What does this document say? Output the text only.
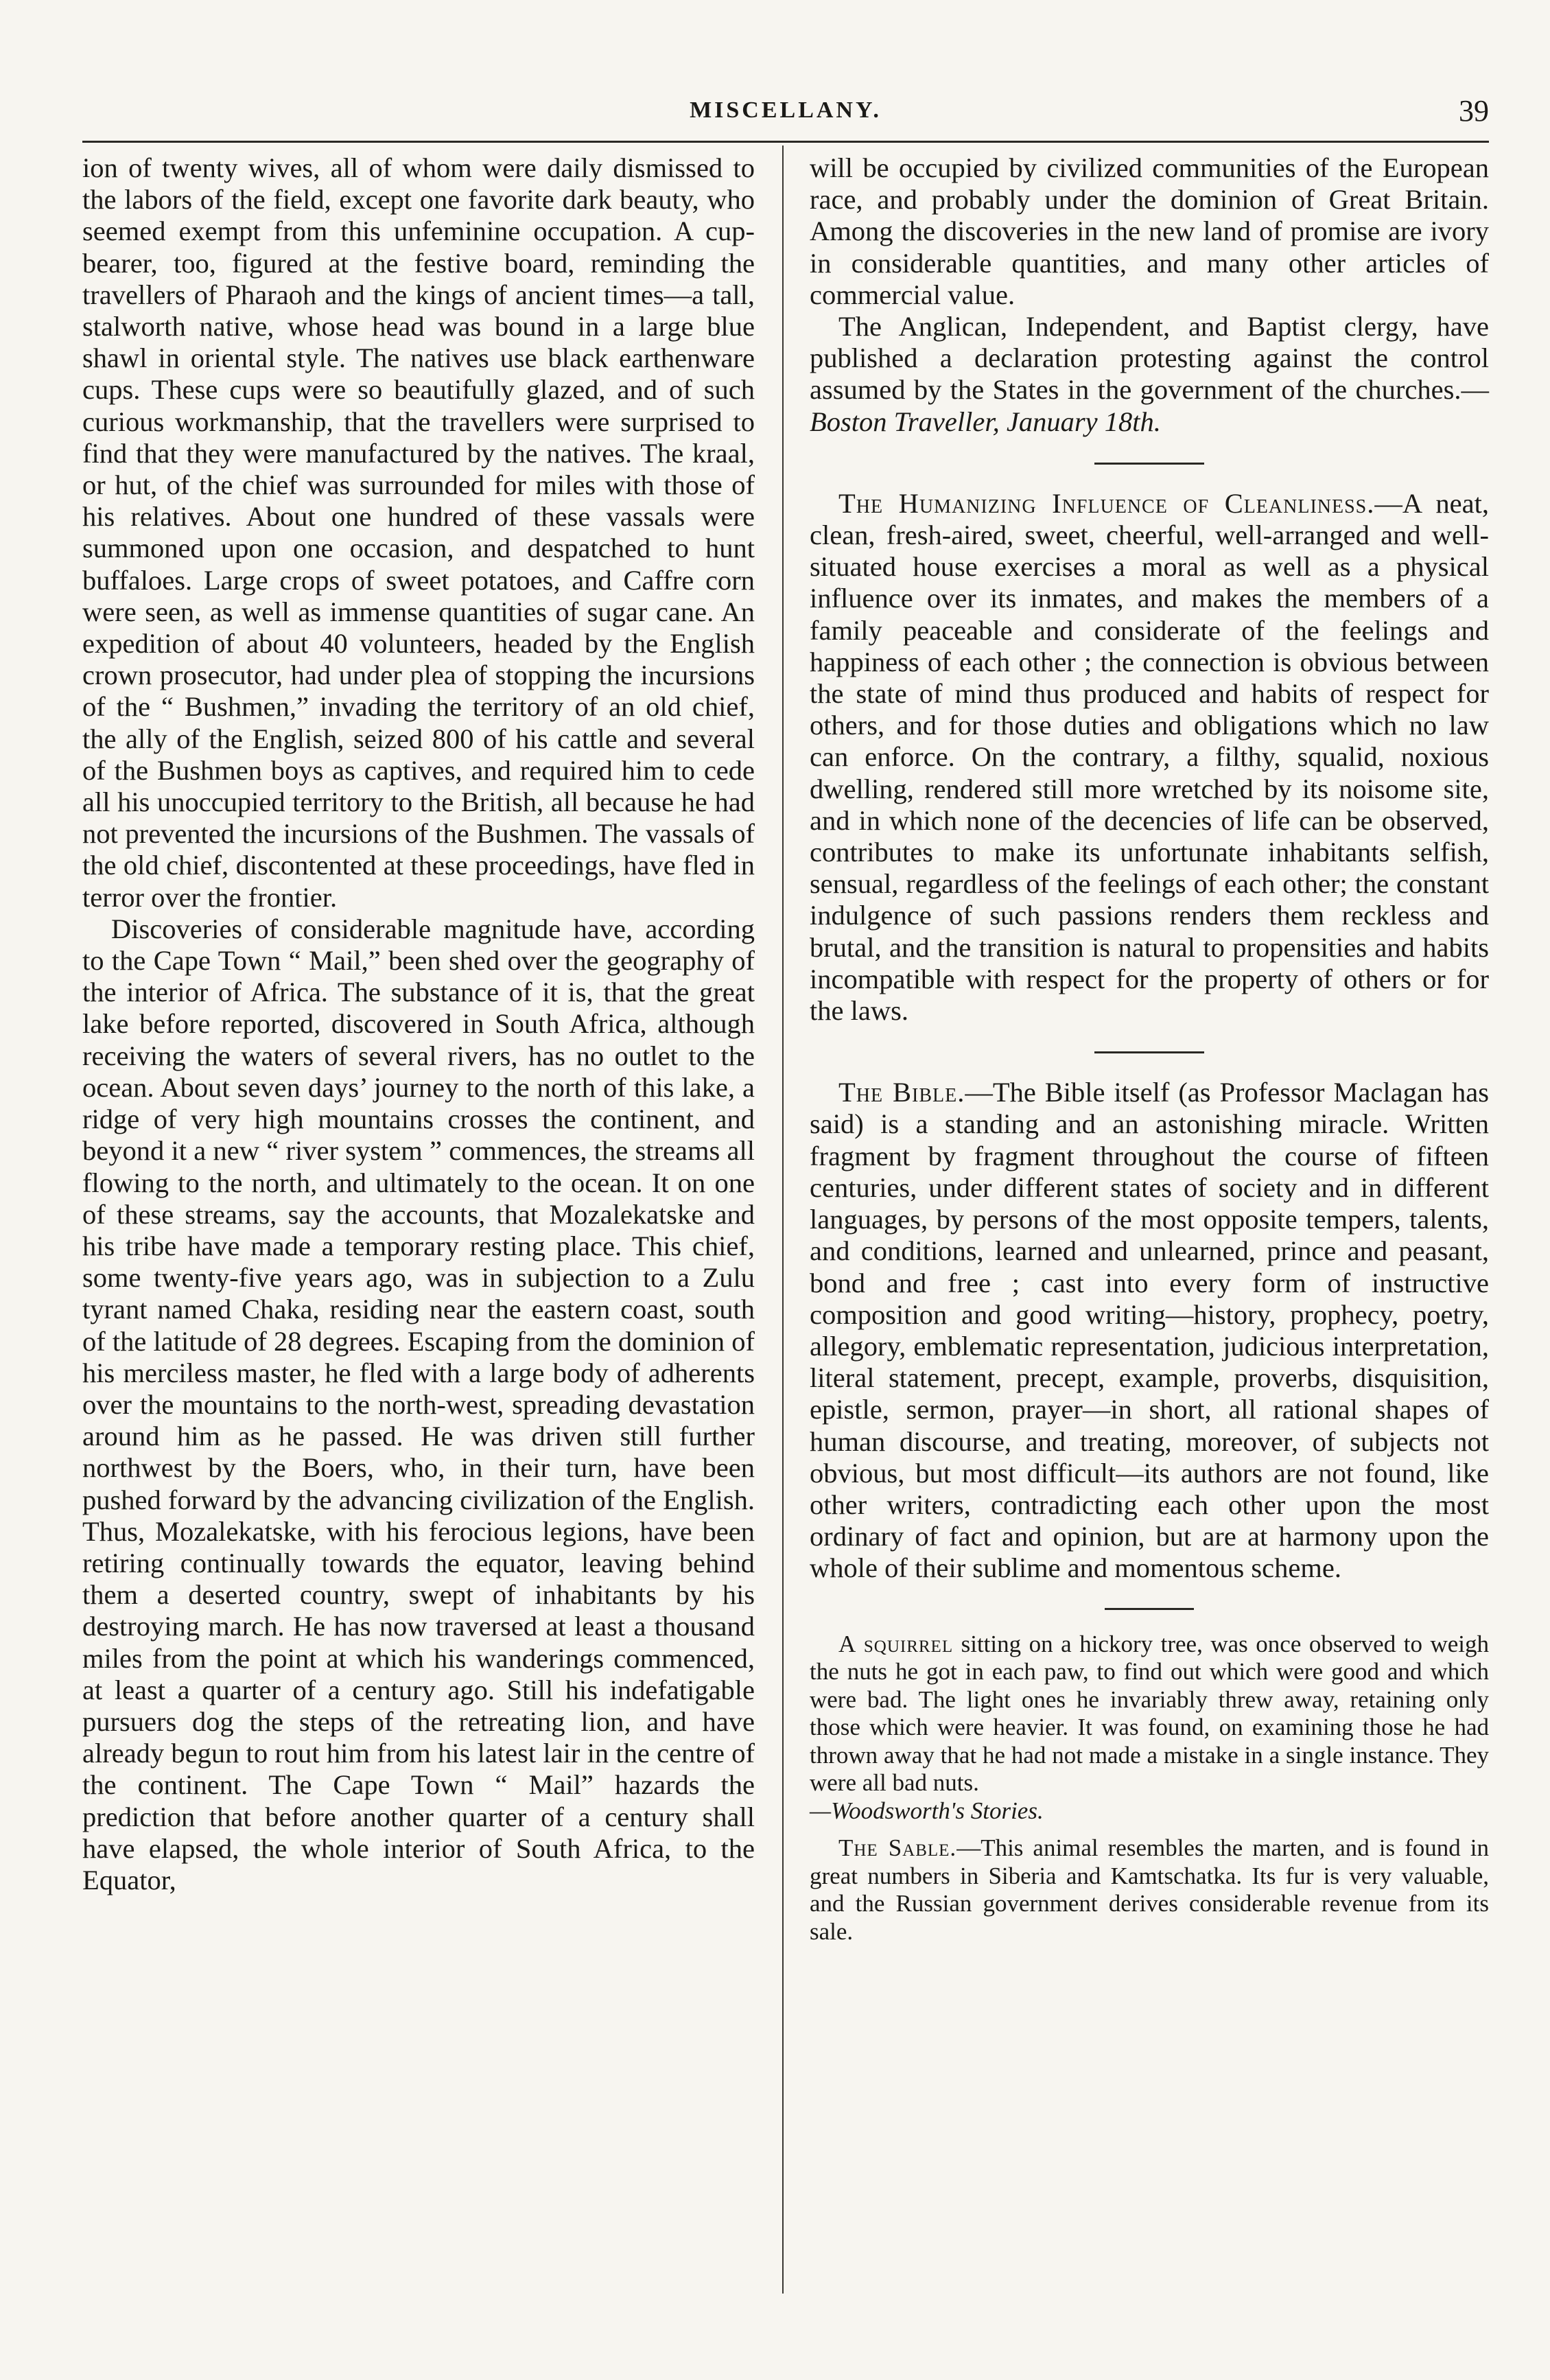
MISCELLANY.	39

ion of twenty wives, all of whom were daily dismissed to the labors of the field, except one favorite dark beauty, who seemed exempt from this unfeminine occupation. A cup-bearer, too, figured at the festive board, reminding the travellers of Pharaoh and the kings of ancient times—a tall, stalworth native, whose head was bound in a large blue shawl in oriental style. The natives use black earthenware cups. These cups were so beautifully glazed, and of such curious workmanship, that the travellers were surprised to find that they were manufactured by the natives. The kraal, or hut, of the chief was surrounded for miles with those of his relatives. About one hundred of these vassals were summoned upon one occasion, and despatched to hunt buffaloes. Large crops of sweet potatoes, and Caffre corn were seen, as well as immense quantities of sugar cane. An expedition of about 40 volunteers, headed by the English crown prosecutor, had under plea of stopping the incursions of the “ Bushmen,” invading the territory of an old chief, the ally of the English, seized 800 of his cattle and several of the Bushmen boys as captives, and required him to cede all his unoccupied territory to the British, all because he had not prevented the incursions of the Bushmen. The vassals of the old chief, discontented at these proceedings, have fled in terror over the frontier.

Discoveries of considerable magnitude have, according to the Cape Town “ Mail,” been shed over the geography of the interior of Africa. The substance of it is, that the great lake before reported, discovered in South Africa, although receiving the waters of several rivers, has no outlet to the ocean. About seven days’ journey to the north of this lake, a ridge of very high mountains crosses the continent, and beyond it a new “ river system ” commences, the streams all flowing to the north, and ultimately to the ocean. It on one of these streams, say the accounts, that Mozalekatske and his tribe have made a temporary resting place. This chief, some twenty-five years ago, was in subjection to a Zulu tyrant named Chaka, residing near the eastern coast, south of the latitude of 28 degrees. Escaping from the dominion of his merciless master, he fled with a large body of adherents over the mountains to the north-west, spreading devastation around him as he passed. He was driven still further northwest by the Boers, who, in their turn, have been pushed forward by the advancing civilization of the English. Thus, Mozalekatske, with his ferocious legions, have been retiring continually towards the equator, leaving behind them a deserted country, swept of inhabitants by his destroying march. He has now traversed at least a thousand miles from the point at which his wanderings commenced, at least a quarter of a century ago. Still his indefatigable pursuers dog the steps of the retreating lion, and have already begun to rout him from his latest lair in the centre of the continent. The Cape Town “ Mail” hazards the prediction that before another quarter of a century shall have elapsed, the whole interior of South Africa, to the Equator,

will be occupied by civilized communities of the European race, and probably under the dominion of Great Britain. Among the discoveries in the new land of promise are ivory in considerable quantities, and many other articles of commercial value.

The Anglican, Independent, and Baptist clergy, have published a declaration protesting against the control assumed by the States in the government of the churches.—Boston Traveller, January 18th.

The Humanizing Influence of Cleanliness.—A neat, clean, fresh-aired, sweet, cheerful, well-arranged and well-situated house exercises a moral as well as a physical influence over its inmates, and makes the members of a family peaceable and considerate of the feelings and happiness of each other ; the connection is obvious between the state of mind thus produced and habits of respect for others, and for those duties and obligations which no law can enforce. On the contrary, a filthy, squalid, noxious dwelling, rendered still more wretched by its noisome site, and in which none of the decencies of life can be observed, contributes to make its unfortunate inhabitants selfish, sensual, regardless of the feelings of each other; the constant indulgence of such passions renders them reckless and brutal, and the transition is natural to propensities and habits incompatible with respect for the property of others or for the laws.

The Bible.—The Bible itself (as Professor Maclagan has said) is a standing and an astonishing miracle. Written fragment by fragment throughout the course of fifteen centuries, under different states of society and in different languages, by persons of the most opposite tempers, talents, and conditions, learned and unlearned, prince and peasant, bond and free ; cast into every form of instructive composition and good writing—history, prophecy, poetry, allegory, emblematic representation, judicious interpretation, literal statement, precept, example, proverbs, disquisition, epistle, sermon, prayer—in short, all rational shapes of human discourse, and treating, moreover, of subjects not obvious, but most difficult—its authors are not found, like other writers, contradicting each other upon the most ordinary of fact and opinion, but are at harmony upon the whole of their sublime and momentous scheme.

A squirrel sitting on a hickory tree, was once observed to weigh the nuts he got in each paw, to find out which were good and which were bad. The light ones he invariably threw away, retaining only those which were heavier. It was found, on examining those he had thrown away that he had not made a mistake in a single instance. They were all bad nuts.
—Woodsworth's Stories.

The Sable.—This animal resembles the marten, and is found in great numbers in Siberia and Kamtschatka. Its fur is very valuable, and the Russian government derives considerable revenue from its sale.
